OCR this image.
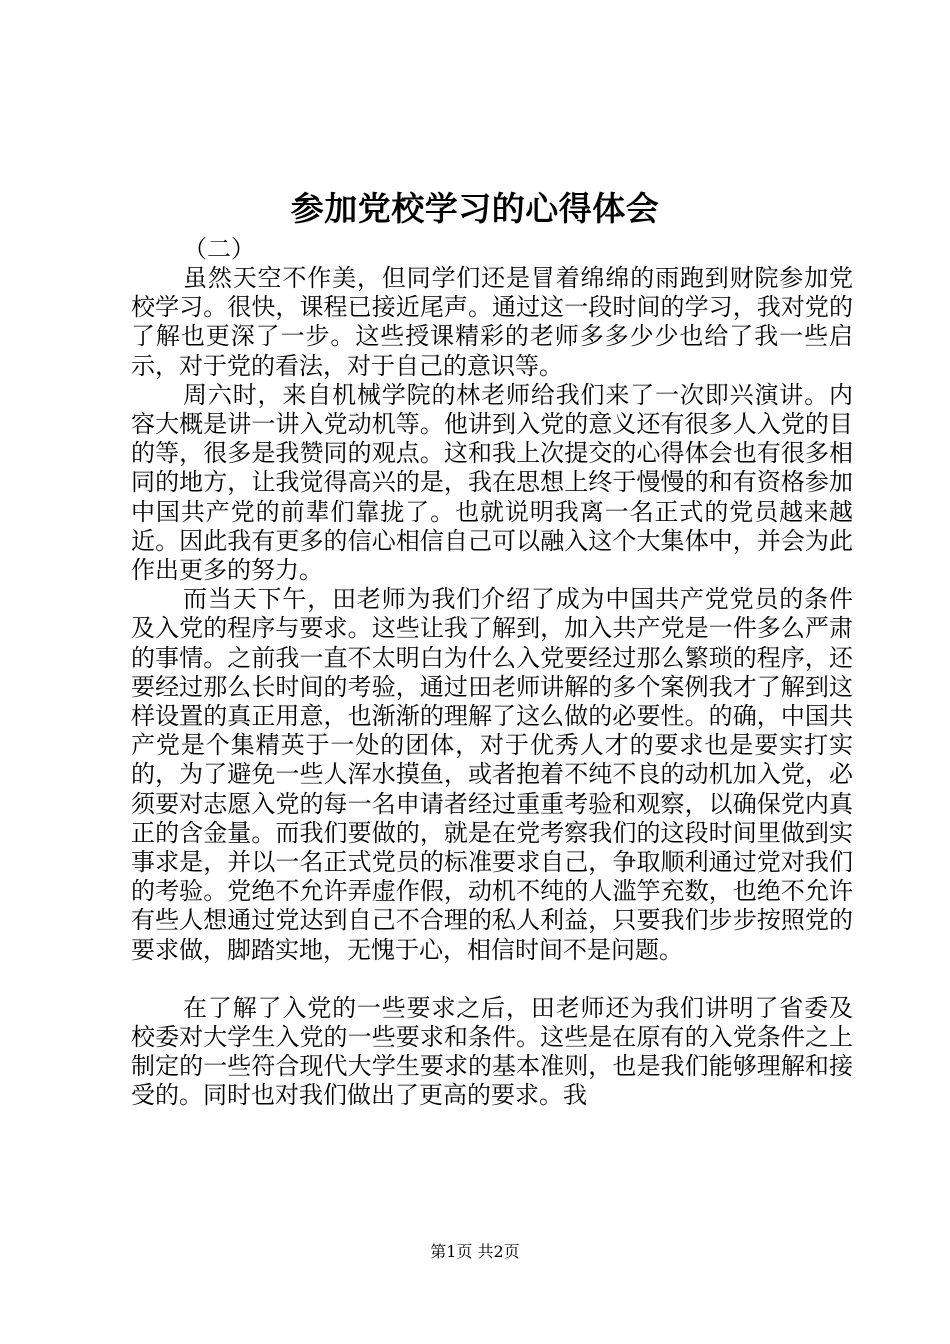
参加党校学习的心得体会
（二）

虽然天空不作美，但同学们还是冒着绵绵的雨跑到财院参加党校学习。很快，课程已接近尾声。通过这一段时间的学习，我对党的了解也更深了一步。这些授课精彩的老师多多少少也给了我一些启示，对于党的看法，对于自己的意识等。

周六时，来自机械学院的林老师给我们来了一次即兴演讲。内容大概是讲一讲入党动机等。他讲到入党的意义还有很多人入党的目的等，很多是我赞同的观点。这和我上次提交的心得体会也有很多相同的地方，让我觉得高兴的是，我在思想上终于慢慢的和有资格参加中国共产党的前辈们靠拢了。也就说明我离一名正式的党员越来越近。因此我有更多的信心相信自己可以融入这个大集体中，并会为此作出更多的努力。

而当天下午，田老师为我们介绍了成为中国共产党党员的条件及入党的程序与要求。这些让我了解到，加入共产党是一件多么严肃的事情。之前我一直不太明白为什么入党要经过那么繁琐的程序，还要经过那么长时间的考验，通过田老师讲解的多个案例我才了解到这样设置的真正用意，也渐渐的理解了这么做的必要性。的确，中国共产党是个集精英于一处的团体，对于优秀人才的要求也是要实打实的，为了避免一些人浑水摸鱼，或者抱着不纯不良的动机加入党，必须要对志愿入党的每一名申请者经过重重考验和观察，以确保党内真正的含金量。而我们要做的，就是在党考察我们的这段时间里做到实事求是，并以一名正式党员的标准要求自己，争取顺利通过党对我们的考验。党绝不允许弄虚作假，动机不纯的人滥竽充数，也绝不允许有些人想通过党达到自己不合理的私人利益，只要我们步步按照党的要求做，脚踏实地，无愧于心，相信时间不是问题。

在了解了入党的一些要求之后，田老师还为我们讲明了省委及校委对大学生入党的一些要求和条件。这些是在原有的入党条件之上制定的一些符合现代大学生要求的基本准则，也是我们能够理解和接受的。同时也对我们做出了更高的要求。我

第1页 共2页
